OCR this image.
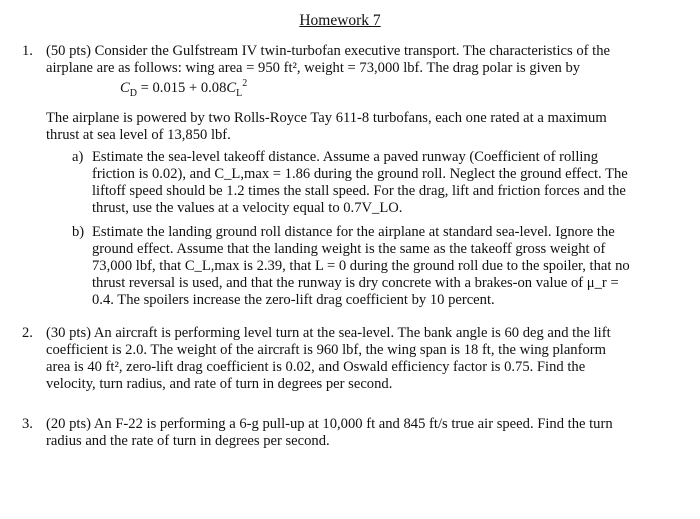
Homework 7
1. (50 pts) Consider the Gulfstream IV twin-turbofan executive transport. The characteristics of the
airplane are as follows: wing area = 950 ft², weight = 73,000 lbf. The drag polar is given by
$C_D = 0.015 + 0.08C_L^2$
The airplane is powered by two Rolls-Royce Tay 611-8 turbofans, each one rated at a maximum
thrust at sea level of 13,850 lbf.
a) Estimate the sea-level takeoff distance. Assume a paved runway (Coefficient of rolling
friction is 0.02), and C_L,max = 1.86 during the ground roll. Neglect the ground effect. The
liftoff speed should be 1.2 times the stall speed. For the drag, lift and friction forces and the
thrust, use the values at a velocity equal to 0.7V_LO.
b) Estimate the landing ground roll distance for the airplane at standard sea-level. Ignore the
ground effect. Assume that the landing weight is the same as the takeoff gross weight of
73,000 lbf, that C_L,max is 2.39, that L = 0 during the ground roll due to the spoiler, that no
thrust reversal is used, and that the runway is dry concrete with a brakes-on value of μ_r =
0.4. The spoilers increase the zero-lift drag coefficient by 10 percent.
2. (30 pts) An aircraft is performing level turn at the sea-level. The bank angle is 60 deg and the lift
coefficient is 2.0. The weight of the aircraft is 960 lbf, the wing span is 18 ft, the wing planform
area is 40 ft², zero-lift drag coefficient is 0.02, and Oswald efficiency factor is 0.75. Find the
velocity, turn radius, and rate of turn in degrees per second.
3. (20 pts) An F-22 is performing a 6-g pull-up at 10,000 ft and 845 ft/s true air speed. Find the turn
radius and the rate of turn in degrees per second.
